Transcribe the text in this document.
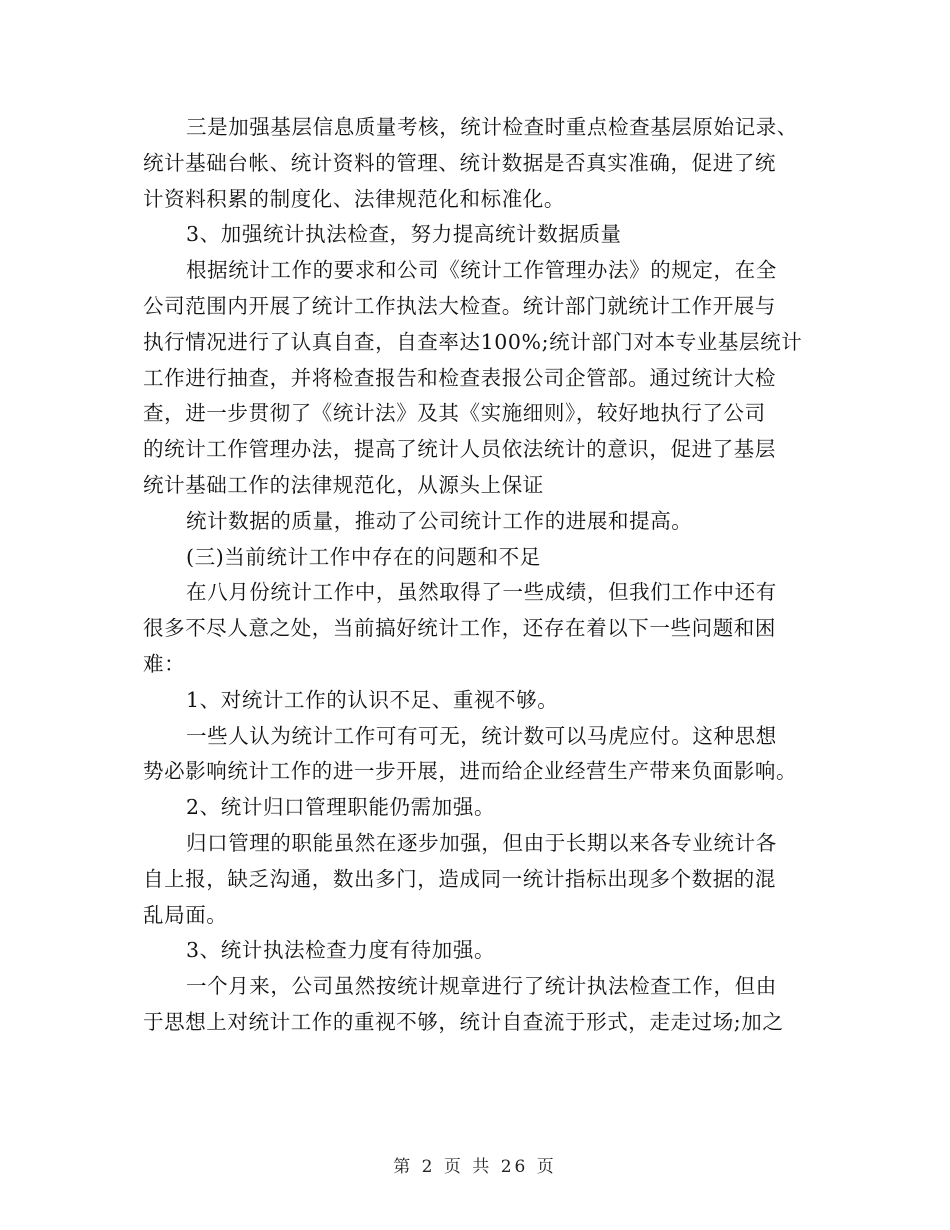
三是加强基层信息质量考核，统计检查时重点检查基层原始记录、
统计基础台帐、统计资料的管理、统计数据是否真实准确，促进了统
计资料积累的制度化、法律规范化和标准化。
3、加强统计执法检查，努力提高统计数据质量
根据统计工作的要求和公司《统计工作管理办法》的规定，在全
公司范围内开展了统计工作执法大检查。统计部门就统计工作开展与
执行情况进行了认真自查，自查率达100%;统计部门对本专业基层统计
工作进行抽查，并将检查报告和检查表报公司企管部。通过统计大检
查，进一步贯彻了《统计法》及其《实施细则》，较好地执行了公司
的统计工作管理办法，提高了统计人员依法统计的意识，促进了基层
统计基础工作的法律规范化，从源头上保证
统计数据的质量，推动了公司统计工作的进展和提高。
(三)当前统计工作中存在的问题和不足
在八月份统计工作中，虽然取得了一些成绩，但我们工作中还有
很多不尽人意之处，当前搞好统计工作，还存在着以下一些问题和困
难：
1、对统计工作的认识不足、重视不够。
一些人认为统计工作可有可无，统计数可以马虎应付。这种思想
势必影响统计工作的进一步开展，进而给企业经营生产带来负面影响。
2、统计归口管理职能仍需加强。
归口管理的职能虽然在逐步加强，但由于长期以来各专业统计各
自上报，缺乏沟通，数出多门，造成同一统计指标出现多个数据的混
乱局面。
3、统计执法检查力度有待加强。
一个月来，公司虽然按统计规章进行了统计执法检查工作，但由
于思想上对统计工作的重视不够，统计自查流于形式，走走过场;加之
第 2 页 共 26 页
